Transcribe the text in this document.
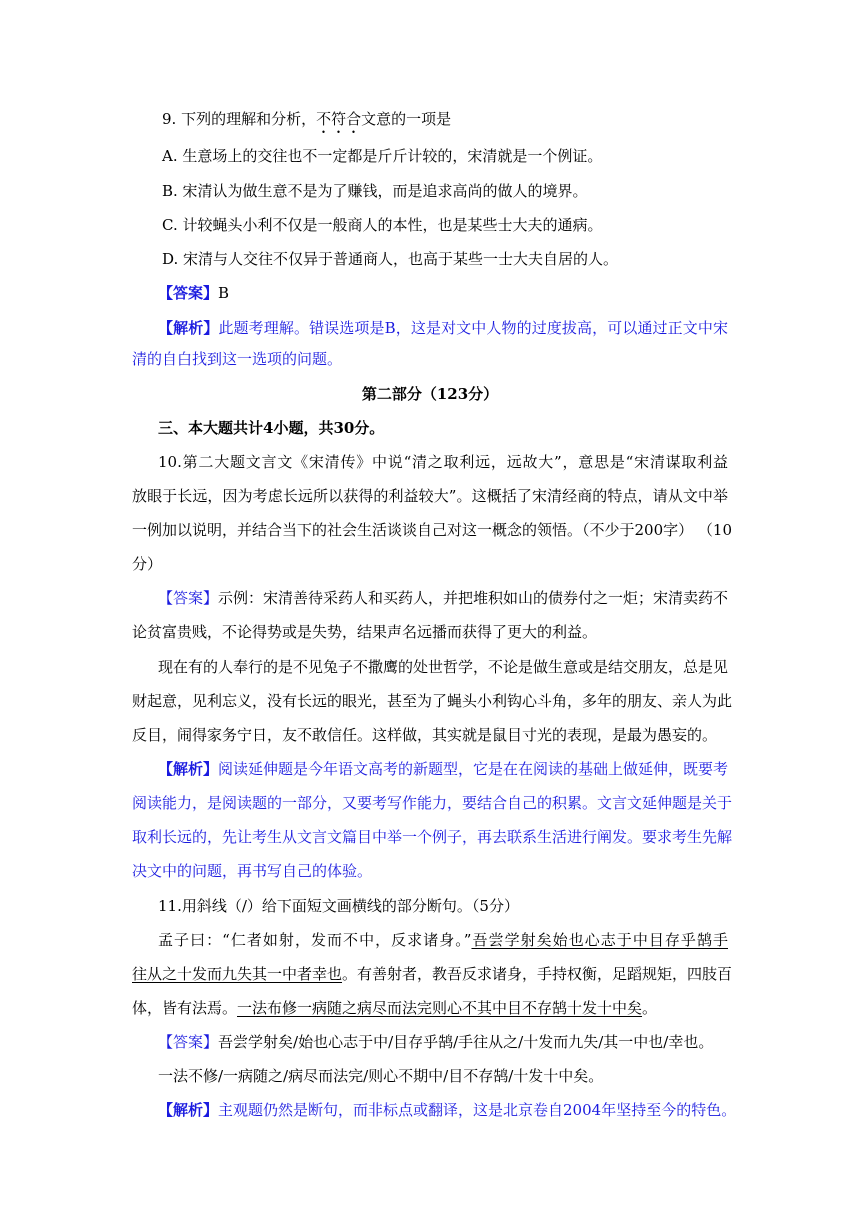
9. 下列的理解和分析，不符合文意的一项是

A. 生意场上的交往也不一定都是斤斤计较的，宋清就是一个例证。

B. 宋清认为做生意不是为了赚钱，而是追求高尚的做人的境界。

C. 计较蝇头小利不仅是一般商人的本性，也是某些士大夫的通病。

D. 宋清与人交往不仅异于普通商人，也高于某些一士大夫自居的人。

【答案】B

【解析】此题考理解。错误选项是B，这是对文中人物的过度拔高，可以通过正文中宋

清的自白找到这一选项的问题。

第二部分（123分）

三、本大题共计4小题，共30分。

10.第二大题文言文《宋清传》中说“清之取利远，远故大”，意思是“宋清谋取利益

放眼于长远，因为考虑长远所以获得的利益较大”。这概括了宋清经商的特点，请从文中举

一例加以说明，并结合当下的社会生活谈谈自己对这一概念的领悟。（不少于200字） （10

分）

【答案】示例：宋清善待采药人和买药人，并把堆积如山的债券付之一炬；宋清卖药不

论贫富贵贱，不论得势或是失势，结果声名远播而获得了更大的利益。

现在有的人奉行的是不见兔子不撒鹰的处世哲学，不论是做生意或是结交朋友，总是见

财起意，见利忘义，没有长远的眼光，甚至为了蝇头小利钩心斗角，多年的朋友、亲人为此

反目，闹得家务宁日，友不敢信任。这样做，其实就是鼠目寸光的表现，是最为愚妄的。

【解析】阅读延伸题是今年语文高考的新题型，它是在在阅读的基础上做延伸，既要考

阅读能力，是阅读题的一部分，又要考写作能力，要结合自己的积累。文言文延伸题是关于

取利长远的，先让考生从文言文篇目中举一个例子，再去联系生活进行阐发。要求考生先解

决文中的问题，再书写自己的体验。

11.用斜线（/）给下面短文画横线的部分断句。（5分）

孟子曰：“仁者如射，发而不中，反求诸身。”吾尝学射矣始也心志于中目存乎鹄手

往从之十发而九失其一中者幸也。有善射者，教吾反求诸身，手持权衡，足蹈规矩，四肢百

体，皆有法焉。一法布修一病随之病尽而法完则心不其中目不存鹄十发十中矣。

【答案】吾尝学射矣/始也心志于中/目存乎鹄/手往从之/十发而九失/其一中也/幸也。

一法不修/一病随之/病尽而法完/则心不期中/目不存鹄/十发十中矣。

【解析】主观题仍然是断句，而非标点或翻译，这是北京卷自2004年坚持至今的特色。
